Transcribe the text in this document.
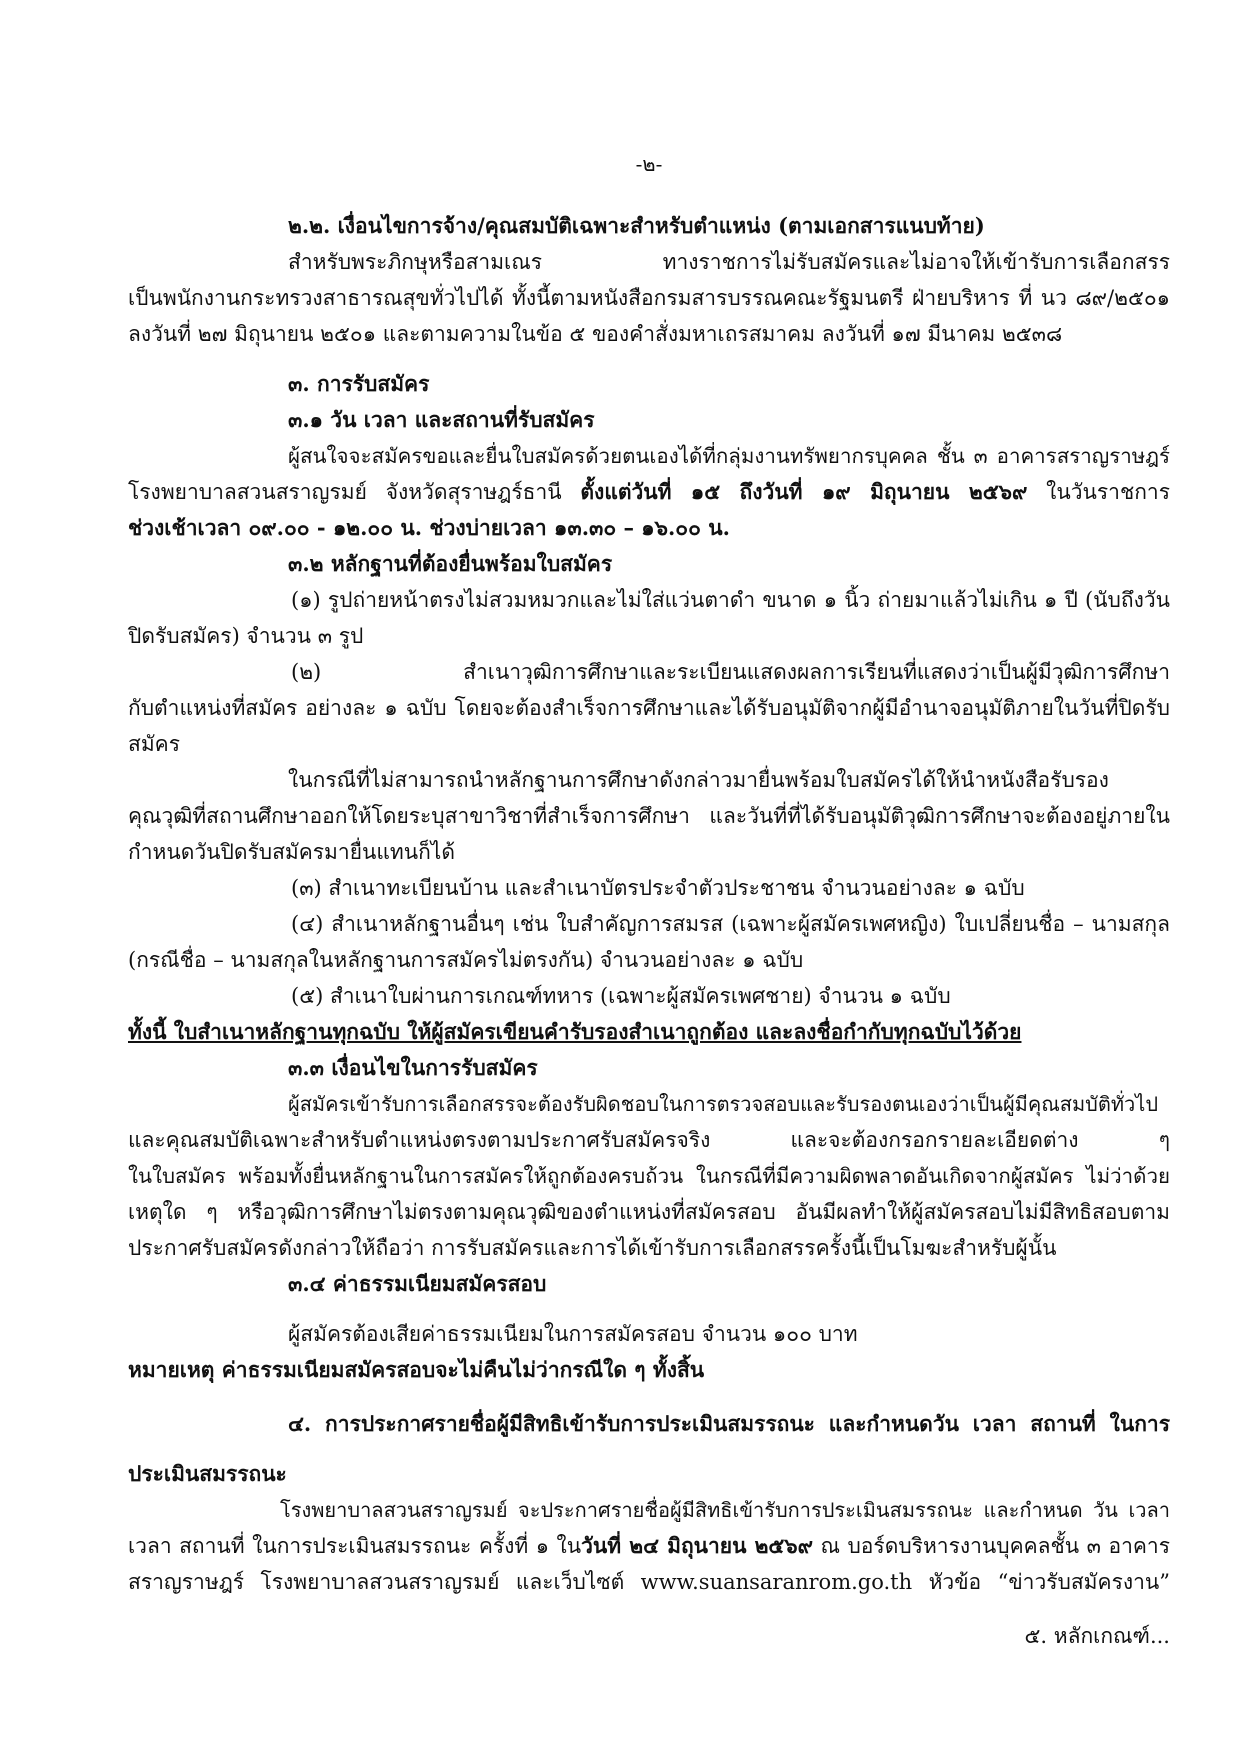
-๒-

๒.๒. เงื่อนไขการจ้าง/คุณสมบัติเฉพาะสำหรับตำแหน่ง (ตามเอกสารแนบท้าย)

สำหรับพระภิกษุหรือสามเณร ทางราชการไม่รับสมัครและไม่อาจให้เข้ารับการเลือกสรร

เป็นพนักงานกระทรวงสาธารณสุขทั่วไปได้ ทั้งนี้ตามหนังสือกรมสารบรรณคณะรัฐมนตรี ฝ่ายบริหาร ที่ นว ๘๙/๒๕๐๑

ลงวันที่ ๒๗ มิถุนายน ๒๕๐๑ และตามความในข้อ ๕ ของคำสั่งมหาเถรสมาคม ลงวันที่ ๑๗ มีนาคม ๒๕๓๘

๓. การรับสมัคร

๓.๑ วัน เวลา และสถานที่รับสมัคร

ผู้สนใจจะสมัครขอและยื่นใบสมัครด้วยตนเองได้ที่กลุ่มงานทรัพยากรบุคคล ชั้น ๓ อาคารสราญราษฎร์

โรงพยาบาลสวนสราญรมย์ จังหวัดสุราษฎร์ธานี ตั้งแต่วันที่ ๑๕ ถึงวันที่ ๑๙ มิถุนายน ๒๕๖๙ ในวันราชการ

ช่วงเช้าเวลา ๐๙.๐๐ - ๑๒.๐๐ น. ช่วงบ่ายเวลา ๑๓.๓๐ – ๑๖.๐๐ น.

๓.๒ หลักฐานที่ต้องยื่นพร้อมใบสมัคร

(๑) รูปถ่ายหน้าตรงไม่สวมหมวกและไม่ใส่แว่นตาดำ ขนาด ๑ นิ้ว ถ่ายมาแล้วไม่เกิน ๑ ปี (นับถึงวัน

ปิดรับสมัคร) จำนวน ๓ รูป

(๒) สำเนาวุฒิการศึกษาและระเบียนแสดงผลการเรียนที่แสดงว่าเป็นผู้มีวุฒิการศึกษา

กับตำแหน่งที่สมัคร อย่างละ ๑ ฉบับ โดยจะต้องสำเร็จการศึกษาและได้รับอนุมัติจากผู้มีอำนาจอนุมัติภายในวันที่ปิดรับ

สมัคร

ในกรณีที่ไม่สามารถนำหลักฐานการศึกษาดังกล่าวมายื่นพร้อมใบสมัครได้ให้นำหนังสือรับรอง

คุณวุฒิที่สถานศึกษาออกให้โดยระบุสาขาวิชาที่สำเร็จการศึกษา และวันที่ที่ได้รับอนุมัติวุฒิการศึกษาจะต้องอยู่ภายใน

กำหนดวันปิดรับสมัครมายื่นแทนก็ได้

(๓) สำเนาทะเบียนบ้าน และสำเนาบัตรประจำตัวประชาชน จำนวนอย่างละ ๑ ฉบับ

(๔) สำเนาหลักฐานอื่นๆ เช่น ใบสำคัญการสมรส (เฉพาะผู้สมัครเพศหญิง) ใบเปลี่ยนชื่อ – นามสกุล

(กรณีชื่อ – นามสกุลในหลักฐานการสมัครไม่ตรงกัน) จำนวนอย่างละ ๑ ฉบับ

(๕) สำเนาใบผ่านการเกณฑ์ทหาร (เฉพาะผู้สมัครเพศชาย) จำนวน ๑ ฉบับ

ทั้งนี้ ใบสำเนาหลักฐานทุกฉบับ ให้ผู้สมัครเขียนคำรับรองสำเนาถูกต้อง และลงชื่อกำกับทุกฉบับไว้ด้วย

๓.๓ เงื่อนไขในการรับสมัคร

ผู้สมัครเข้ารับการเลือกสรรจะต้องรับผิดชอบในการตรวจสอบและรับรองตนเองว่าเป็นผู้มีคุณสมบัติทั่วไป

และคุณสมบัติเฉพาะสำหรับตำแหน่งตรงตามประกาศรับสมัครจริง และจะต้องกรอกรายละเอียดต่าง ๆ

ในใบสมัคร พร้อมทั้งยื่นหลักฐานในการสมัครให้ถูกต้องครบถ้วน ในกรณีที่มีความผิดพลาดอันเกิดจากผู้สมัคร ไม่ว่าด้วย

เหตุใด ๆ หรือวุฒิการศึกษาไม่ตรงตามคุณวุฒิของตำแหน่งที่สมัครสอบ อันมีผลทำให้ผู้สมัครสอบไม่มีสิทธิสอบตาม

ประกาศรับสมัครดังกล่าวให้ถือว่า การรับสมัครและการได้เข้ารับการเลือกสรรครั้งนี้เป็นโมฆะสำหรับผู้นั้น

๓.๔ ค่าธรรมเนียมสมัครสอบ

ผู้สมัครต้องเสียค่าธรรมเนียมในการสมัครสอบ จำนวน ๑๐๐ บาท

หมายเหตุ ค่าธรรมเนียมสมัครสอบจะไม่คืนไม่ว่ากรณีใด ๆ ทั้งสิ้น

๔. การประกาศรายชื่อผู้มีสิทธิเข้ารับการประเมินสมรรถนะ และกำหนดวัน เวลา สถานที่ ในการ

ประเมินสมรรถนะ

โรงพยาบาลสวนสราญรมย์ จะประกาศรายชื่อผู้มีสิทธิเข้ารับการประเมินสมรรถนะ และกำหนด วัน เวลา

เวลา สถานที่ ในการประเมินสมรรถนะ ครั้งที่ ๑ ในวันที่ ๒๔ มิถุนายน ๒๕๖๙ ณ บอร์ดบริหารงานบุคคลชั้น ๓ อาคาร

สราญราษฎร์ โรงพยาบาลสวนสราญรมย์ และเว็บไซต์ www.suansaranrom.go.th หัวข้อ “ข่าวรับสมัครงาน”

๕. หลักเกณฑ์...
